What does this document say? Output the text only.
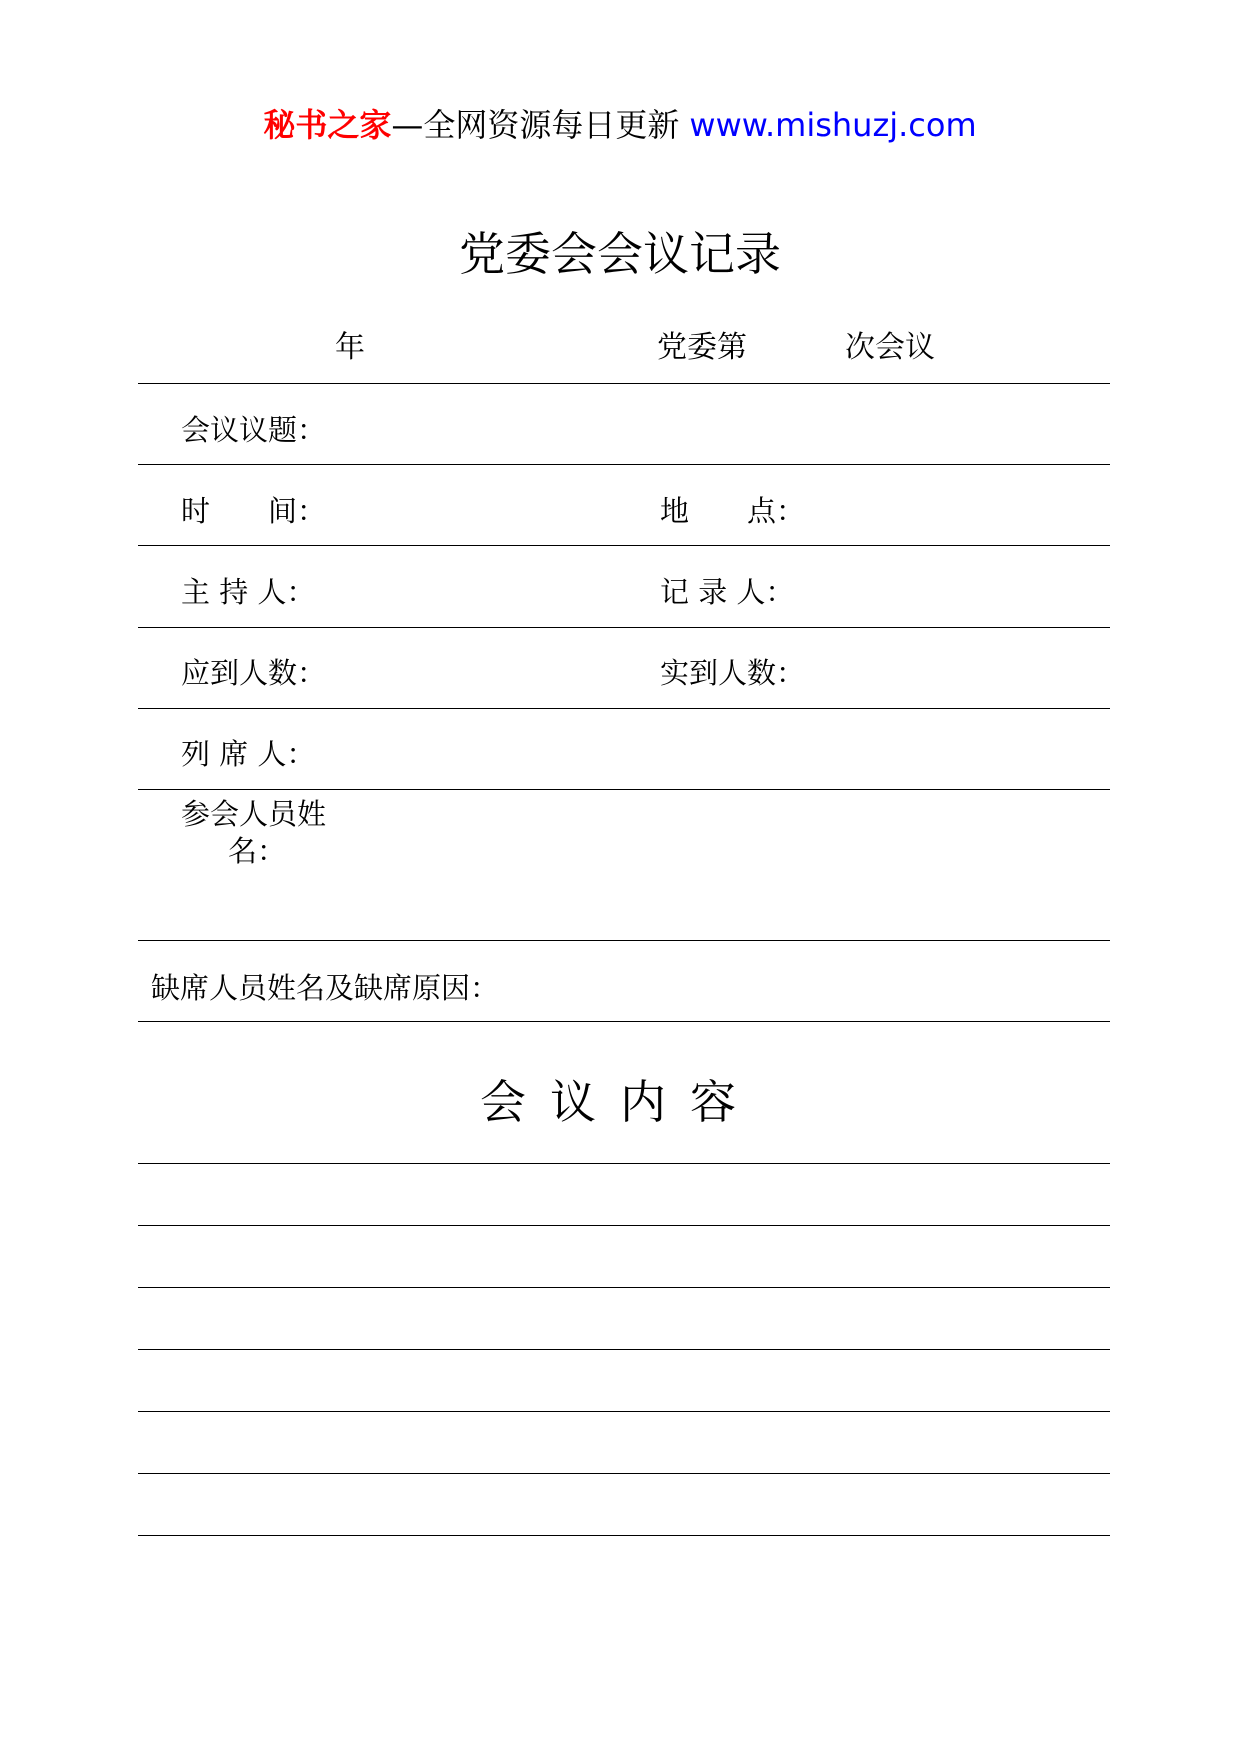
秘书之家—全网资源每日更新 www.mishuzj.com
党委会会议记录
年	党委第	次会议
会议议题：
时　　间：	地　　点：
主 持 人：	记 录 人：
应到人数：	实到人数：
列 席 人：
参会人员姓
名：
缺席人员姓名及缺席原因：
会议内容
